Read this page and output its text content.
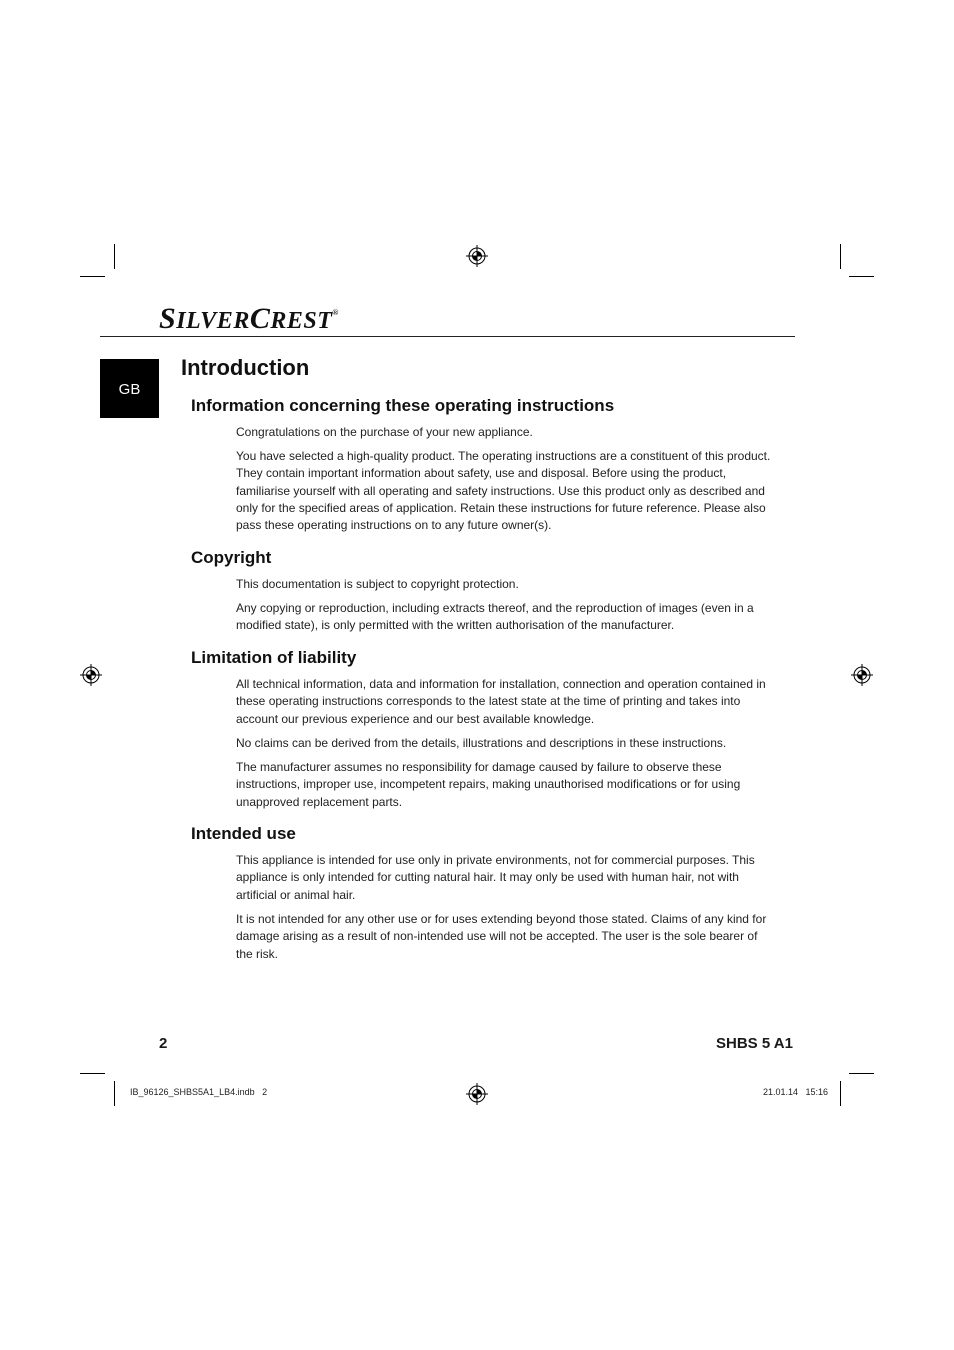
SILVERCREST®
GB
Introduction
Information concerning these operating instructions

Congratulations on the purchase of your new appliance.

You have selected a high-quality product. The operating instructions are a constituent of this product. They contain important information about safety, use and disposal. Before using the product, familiarise yourself with all operating and safety instructions. Use this product only as described and only for the specified areas of application. Retain these instructions for future reference. Please also pass these operating instructions on to any future owner(s).

Copyright

This documentation is subject to copyright protection.

Any copying or reproduction, including extracts thereof, and the reproduction of images (even in a modified state), is only permitted with the written authorisation of the manufacturer.

Limitation of liability

All technical information, data and information for installation, connection and operation contained in these operating instructions corresponds to the latest state at the time of printing and takes into account our previous experience and our best available knowledge.

No claims can be derived from the details, illustrations and descriptions in these instructions.

The manufacturer assumes no responsibility for damage caused by failure to observe these instructions, improper use, incompetent repairs, making unauthorised modifications or for using unapproved replacement parts.

Intended use

This appliance is intended for use only in private environments, not for commercial purposes. This appliance is only intended for cutting natural hair. It may only be used with human hair, not with artificial or animal hair.

It is not intended for any other use or for uses extending beyond those stated. Claims of any kind for damage arising as a result of non-intended use will not be accepted. The user is the sole bearer of the risk.

2	SHBS 5 A1
IB_96126_SHBS5A1_LB4.indb   2	21.01.14   15:16
